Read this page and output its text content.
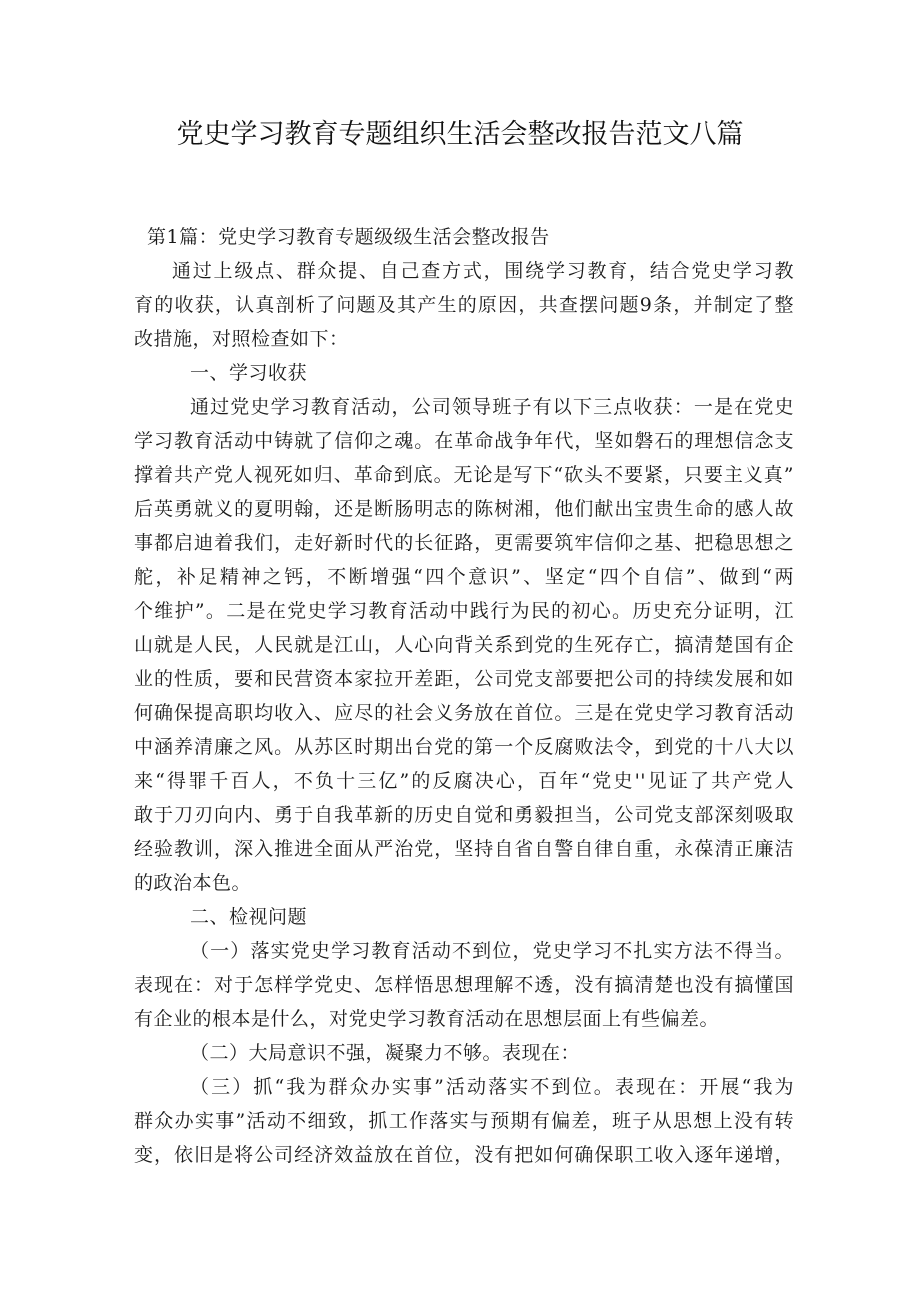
党史学习教育专题组织生活会整改报告范文八篇
第1篇：党史学习教育专题级级生活会整改报告
通过上级点、群众提、自己查方式，围绕学习教育，结合党史学习教
育的收获，认真剖析了问题及其产生的原因，共查摆问题9条，并制定了整
改措施，对照检查如下：
一、学习收获
通过党史学习教育活动，公司领导班子有以下三点收获：一是在党史
学习教育活动中铸就了信仰之魂。在革命战争年代，坚如磐石的理想信念支
撑着共产党人视死如归、革命到底。无论是写下“砍头不要紧，只要主义真”
后英勇就义的夏明翰，还是断肠明志的陈树湘，他们献出宝贵生命的感人故
事都启迪着我们，走好新时代的长征路，更需要筑牢信仰之基、把稳思想之
舵，补足精神之钙，不断增强“四个意识”、坚定“四个自信”、做到“两
个维护”。二是在党史学习教育活动中践行为民的初心。历史充分证明，江
山就是人民，人民就是江山，人心向背关系到党的生死存亡，搞清楚国有企
业的性质，要和民营资本家拉开差距，公司党支部要把公司的持续发展和如
何确保提高职均收入、应尽的社会义务放在首位。三是在党史学习教育活动
中涵养清廉之风。从苏区时期出台党的第一个反腐败法令，到党的十八大以
来“得罪千百人，不负十三亿”的反腐决心，百年“党史''见证了共产党人
敢于刀刃向内、勇于自我革新的历史自觉和勇毅担当，公司党支部深刻吸取
经验教训，深入推进全面从严治党，坚持自省自警自律自重，永葆清正廉洁
的政治本色。
二、检视问题
（一）落实党史学习教育活动不到位，党史学习不扎实方法不得当。
表现在：对于怎样学党史、怎样悟思想理解不透，没有搞清楚也没有搞懂国
有企业的根本是什么，对党史学习教育活动在思想层面上有些偏差。
（二）大局意识不强，凝聚力不够。表现在：
（三）抓“我为群众办实事”活动落实不到位。表现在：开展“我为
群众办实事”活动不细致，抓工作落实与预期有偏差，班子从思想上没有转
变，依旧是将公司经济效益放在首位，没有把如何确保职工收入逐年递增，
